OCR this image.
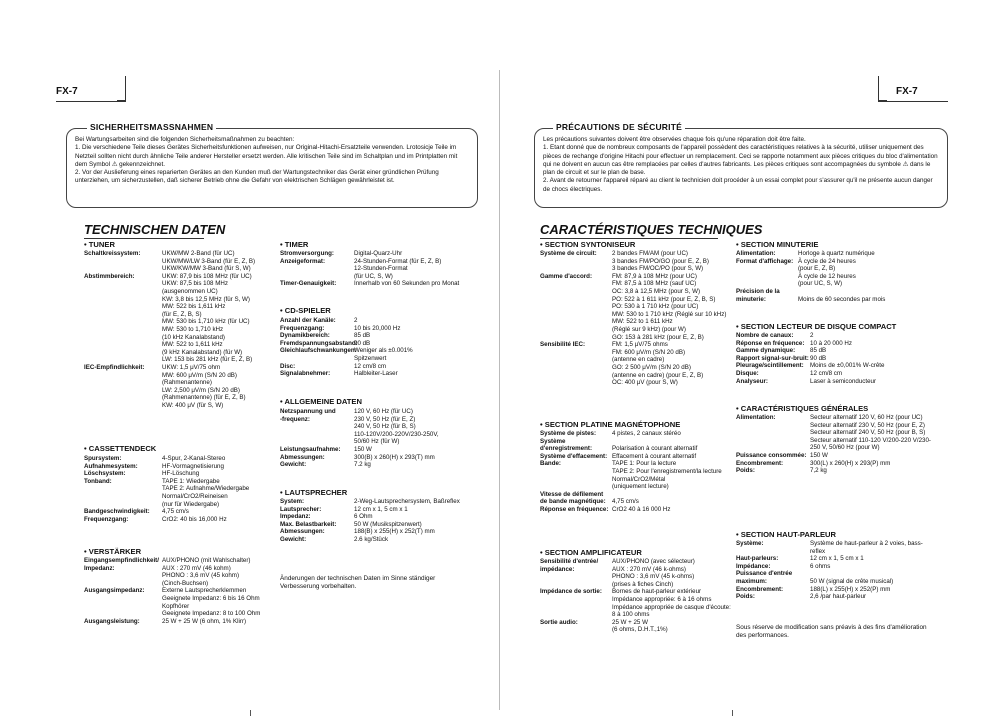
FX-7
SICHERHEITSMASSNAHMEN
Bei Wartungsarbeiten sind die folgenden Sicherheitsmaßnahmen zu beachten:
1. Die verschiedene Teile dieses Gerätes Sicherheitsfunktionen aufweisen, nur Original-Hitachi-Ersatzteile verwenden. Lrotosicje Teile im Netzteil sollten nicht durch ähnliche Teile anderer Hersteller ersetzt werden. Alle kritischen Teile sind im Schaltplan und im Printplatten mit dem Symbol ⚠ gekennzeichnet.
2. Vor der Auslieferung eines reparierten Gerätes an den Kunden muß der Wartungstechniker das Gerät einer gründlichen Prüfung unterziehen, um sicherzustellen, daß sicherer Betrieb ohne die Gefahr von elektrischen Schlägen gewährleistet ist.
TECHNISCHEN DATEN
• TUNER
Schaltkreissystem:	UKW/MW 2-Band (für UC)
UKW/MW/LW 3-Band (für E, Z, B)
UKW/KW/MW 3-Band (für S, W)
Abstimmbereich:	UKW: 87,9 bis 108 MHz (für UC)
UKW: 87,5 bis 108 MHz
(ausgenommen UC)
KW: 3,8 bis 12,5 MHz (für S, W)
MW: 522 bis 1,611 kHz
(für E, Z, B, S)
MW: 530 bis 1,710 kHz (für UC)
MW: 530 to 1,710 kHz
(10 kHz Kanalabstand)
MW: 522 to 1,611 kHz
(9 kHz Kanalabstand) (für W)
LW: 153 bis 281 kHz (für E, Z, B)
IEC-Empfindlichkeit:	UKW: 1,5 μV/75 ohm
MW: 600 μV/m (S/N 20 dB)
(Rahmenantenne)
LW: 2,500 μV/m (S/N 20 dB)
(Rahmenantenne) (für E, Z, B)
KW: 400 μV (für S, W)
• CASSETTENDECK
Spursystem:	4-Spur, 2-Kanal-Stereo
Aufnahmesystem:	HF-Vormagnetisierung
Löschsystem:	HF-Löschung
Tonband:	TAPE 1: Wiedergabe
TAPE 2: Aufnahme/Wiedergabe
Normal/CrO2/Reineisen
(nur für Wiedergabe)
Bandgeschwindigkeit:	4,75 cm/s
Frequenzgang:	CrO2: 40 bis 16,000 Hz
• VERSTÄRKER
Eingangsempfindlichkeit/ AUX/PHONO (mit Wahlschalter)
Impedanz:	AUX : 270 mV (46 kohm)
PHONO : 3,6 mV (45 kohm)
(Cinch-Buchsen)
Ausgangsimpedanz:	Externe Lautsprecherklemmen
Geeignete Impedanz: 6 bis 16 Ohm
Kopfhörer
Geeignete Impedanz: 8 to 100 Ohm
Ausgangsleistung:	25 W + 25 W (6 ohm, 1% Klirr)
• TIMER
Stromversorgung:	Digital-Quarz-Uhr
Anzeigeformat:	24-Stunden-Format (für E, Z, B)
12-Stunden-Format
(für UC, S, W)
Timer-Genauigkeit:	Innerhalb von 60 Sekunden pro Monat
• CD-SPIELER
Anzahl der Kanäle:	2
Frequenzgang:	10 bis 20,000 Hz
Dynamikbereich:	85 dB
Fremdspannungsabstand:
90 dB
Gleichlaufschwankungen:
Weniger als ±0.001%
Spitzenwert
Disc:	12 cm/8 cm
Signalabnehmer:	Halbleiter-Laser
• ALLGEMEINE DATEN
Netzspannung und	120 V, 60 Hz (für UC)
-frequenz:	230 V, 50 Hz (für E, Z)
240 V, 50 Hz (für B, S)
110-120V/200-220V/230-250V,
50/60 Hz (für W)
Leistungsaufnahme:	150 W
Abmessungen:	300(B) x 260(H) x 293(T) mm
Gewicht:	7.2 kg
• LAUTSPRECHER
System:	2-Weg-Lautsprechersystem, Baßreflex
Lautsprecher:	12 cm x 1, 5 cm x 1
Impedanz:	6 Ohm
Max. Belastbarkeit:	50 W (Musikspitzenwert)
Abmessungen:	188(B) x 255(H) x 252(T) mm
Gewicht:	2.6 kg/Stück
Änderungen der technischen Daten im Sinne ständiger Verbesserung vorbehalten.
FX-7
PRÉCAUTIONS DE SÉCURITÉ
Les précautions suivantes doivent être observées chaque fois qu'une réparation doit être faite.
1. Etant donné que de nombreux composants de l'appareil possèdent des caractéristiques relatives à la sécurité, utiliser uniquement des pièces de rechange d'origine Hitachi pour effectuer un remplacement. Ceci se rapporte notamment aux pièces critiques du bloc d'alimentation qui ne doivent en aucun cas être remplacées par celles d'autres fabricants. Les pièces critiques sont accompagnées du symbole ⚠ dans le plan de circuit et sur le plan de base.
2. Avant de retourner l'appareil réparé au client le technicien doit procéder à un essai complet pour s'assurer qu'il ne présente aucun danger de chocs électriques.
CARACTÉRISTIQUES TECHNIQUES
• SECTION SYNTONISEUR
Système de circuit:	2 bandes FM/AM (pour UC)
3 bandes FM/PO/GO (pour E, Z, B)
3 bandes FM/OC/PO (pour S, W)
Gamme d'accord:	FM: 87,9 à 108 MHz (pour UC)
FM: 87,5 à 108 MHz (sauf UC)
OC: 3,8 à 12,5 MHz (pour S, W)
PO: 522 à 1 611 kHz (pour E, Z, B, S)
PO: 530 à 1 710 kHz (pour UC)
MW: 530 to 1 710 kHz (Réglé sur 10 kHz)
MW: 522 to 1 611 kHz
(Réglé sur 9 kHz) (pour W)
GO: 153 à 281 kHz (pour E, Z, B)
Sensibilité IEC:	FM: 1,5 μV/75 ohms
FM: 600 μV/m (S/N 20 dB)
(antenne en cadre)
GO: 2 500 μV/m (S/N 20 dB)
(antenne en cadre) (pour E, Z, B)
OC: 400 μV (pour S, W)
• SECTION PLATINE MAGNÉTOPHONE
Système de pistes:	4 pistes, 2 canaux stéréo
Système
d'enregistrement:	Polarisation à courant alternatif
Système d'effacement: Effacement à courant alternatif
Bande:	TAPE 1: Pour la lecture
TAPE 2: Pour l'enregistrement/la lecture
Normal/CrO2/Métal
(uniquement lecture)
Vitesse de défilement
de bande magnétique:	4,75 cm/s
Réponse en fréquence: CrO2 40 à 16 000 Hz
• SECTION AMPLIFICATEUR
Sensibilité d'entrée/	AUX/PHONO (avec sélecteur)
impédance:	AUX : 270 mV (46 k-ohms)
PHONO : 3,6 mV (45 k-ohms)
(prises à fiches Cinch)
Impédance de sortie:	Bornes de haut-parleur extérieur
Impédance appropriée: 6 à 16 ohms
Impédance appropriée de casque d'écoute: 8 à 100 ohms
Sortie audio:	25 W + 25 W
(6 ohms, D.H.T.,1%)
• SECTION MINUTERIE
Alimentation:	Horloge à quartz numérique
Format d'affichage: À cycle de 24 heures
(pour E, Z, B)
À cycle de 12 heures
(pour UC, S, W)
Précision de la
minuterie:	Moins de 60 secondes par mois
• SECTION LECTEUR DE DISQUE COMPACT
Nombre de canaux:	2
Réponse en fréquence: 10 à 20 000 Hz
Gamme dynamique:	85 dB
Rapport signal-sur-bruit: 90 dB
Pleurage/scintillement:	Moins de ±0,001% W-crête
Disque:	12 cm/8 cm
Analyseur:	Laser à semiconducteur
• CARACTÉRISTIQUES GÉNÉRALES
Alimentation:	Secteur alternatif 120 V, 60 Hz (pour UC)
Secteur alternatif 230 V, 50 Hz (pour E, Z)
Secteur alternatif 240 V, 50 Hz (pour B, S)
Secteur alternatif 110-120 V/200-220 V/230-250 V, 50/60 Hz (pour W)
Puissance consommée: 150 W
Encombrement:	300(L) x 260(H) x 293(P) mm
Poids:	7,2 kg
• SECTION HAUT-PARLEUR
Système:	Système de haut-parleur à 2 voies, bass-reflex
Haut-parleurs:	12 cm x 1, 5 cm x 1
Impédance:	6 ohms
Puissance d'entrée
maximum:	50 W (signal de crête musical)
Encombrement:	188(L) x 255(H) x 252(P) mm
Poids:	2,6 /par haut-parleur
Sous réserve de modification sans préavis à des fins d'amélioration des performances.
